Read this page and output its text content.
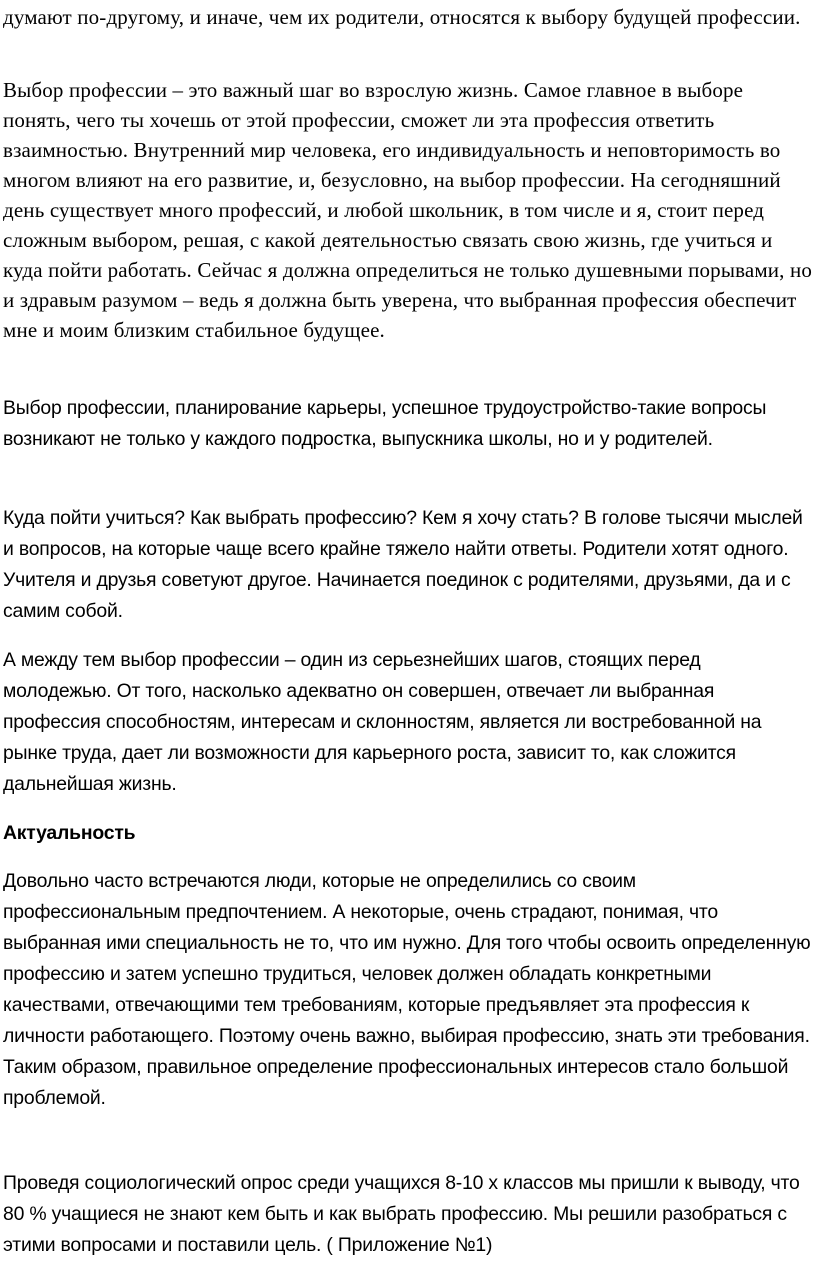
думают по-другому, и иначе, чем их родители, относятся к выбору будущей профессии.

Выбор профессии – это важный шаг во взрослую жизнь. Самое главное в выборе понять, чего ты хочешь от этой профессии, сможет ли эта профессия ответить взаимностью. Внутренний мир человека, его индивидуальность и неповторимость во многом влияют на его развитие, и, безусловно, на выбор профессии. На сегодняшний день существует много профессий, и любой школьник, в том числе и я, стоит перед сложным выбором, решая, с какой деятельностью связать свою жизнь, где учиться и куда пойти работать. Сейчас я должна определиться не только душевными порывами, но и здравым разумом – ведь я должна быть уверена, что выбранная профессия обеспечит мне и моим близким стабильное будущее.

Выбор профессии, планирование карьеры, успешное трудоустройство-такие вопросы возникают не только у каждого подростка, выпускника школы, но и у родителей.

Куда пойти учиться? Как выбрать профессию? Кем я хочу стать? В голове тысячи мыслей и вопросов, на которые чаще всего крайне тяжело найти ответы. Родители хотят одного. Учителя и друзья советуют другое. Начинается поединок с родителями, друзьями, да и с самим собой.

А между тем выбор профессии – один из серьезнейших шагов, стоящих перед молодежью. От того, насколько адекватно он совершен, отвечает ли выбранная профессия способностям, интересам и склонностям, является ли востребованной на рынке труда, дает ли возможности для карьерного роста, зависит то, как сложится дальнейшая жизнь.

Актуальность

Довольно часто встречаются люди, которые не определились со своим профессиональным предпочтением. А некоторые, очень страдают, понимая, что выбранная ими специальность не то, что им нужно. Для того чтобы освоить определенную профессию и затем успешно трудиться, человек должен обладать конкретными качествами, отвечающими тем требованиям, которые предъявляет эта профессия к личности работающего. Поэтому очень важно, выбирая профессию, знать эти требования. Таким образом, правильное определение профессиональных интересов стало большой проблемой.

Проведя социологический опрос среди учащихся 8-10 х классов мы пришли к выводу, что 80 % учащиеся не знают кем быть и как выбрать профессию. Мы решили разобраться с этими вопросами и поставили цель. ( Приложение №1)
